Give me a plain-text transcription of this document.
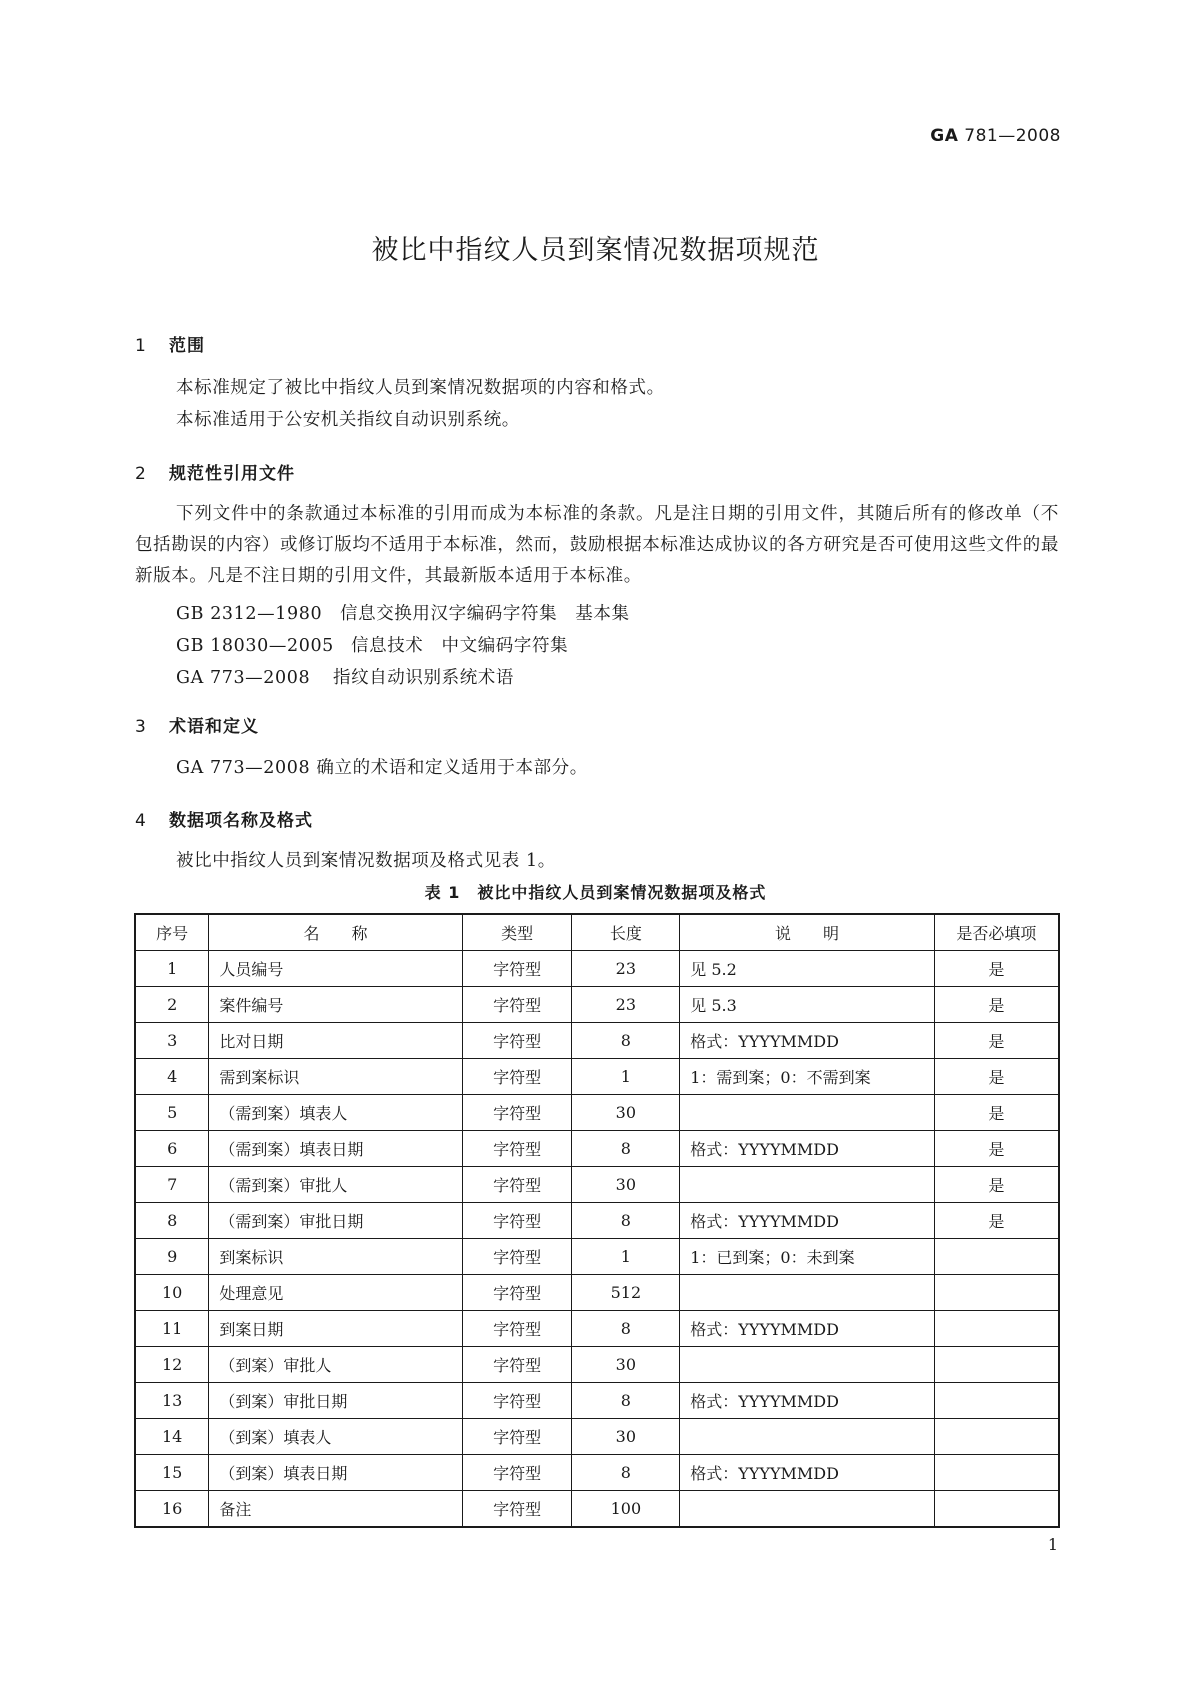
GA 781—2008
被比中指纹人员到案情况数据项规范
1 范围
本标准规定了被比中指纹人员到案情况数据项的内容和格式。
本标准适用于公安机关指纹自动识别系统。
2 规范性引用文件
下列文件中的条款通过本标准的引用而成为本标准的条款。凡是注日期的引用文件，其随后所有的修改单（不包括勘误的内容）或修订版均不适用于本标准，然而，鼓励根据本标准达成协议的各方研究是否可使用这些文件的最新版本。凡是不注日期的引用文件，其最新版本适用于本标准。
GB 2312—1980 信息交换用汉字编码字符集　基本集
GB 18030—2005 信息技术　中文编码字符集
GA 773—2008 指纹自动识别系统术语
3 术语和定义
GA 773—2008 确立的术语和定义适用于本部分。
4 数据项名称及格式
被比中指纹人员到案情况数据项及格式见表 1。
表 1　被比中指纹人员到案情况数据项及格式
序号	名　　称	类型	长度	说　　明	是否必填项
1	人员编号	字符型	23	见 5.2	是
2	案件编号	字符型	23	见 5.3	是
3	比对日期	字符型	8	格式：YYYYMMDD	是
4	需到案标识	字符型	1	1：需到案；0：不需到案	是
5	（需到案）填表人	字符型	30		是
6	（需到案）填表日期	字符型	8	格式：YYYYMMDD	是
7	（需到案）审批人	字符型	30		是
8	（需到案）审批日期	字符型	8	格式：YYYYMMDD	是
9	到案标识	字符型	1	1：已到案；0：未到案	
10	处理意见	字符型	512		
11	到案日期	字符型	8	格式：YYYYMMDD	
12	（到案）审批人	字符型	30		
13	（到案）审批日期	字符型	8	格式：YYYYMMDD	
14	（到案）填表人	字符型	30		
15	（到案）填表日期	字符型	8	格式：YYYYMMDD	
16	备注	字符型	100		
1
